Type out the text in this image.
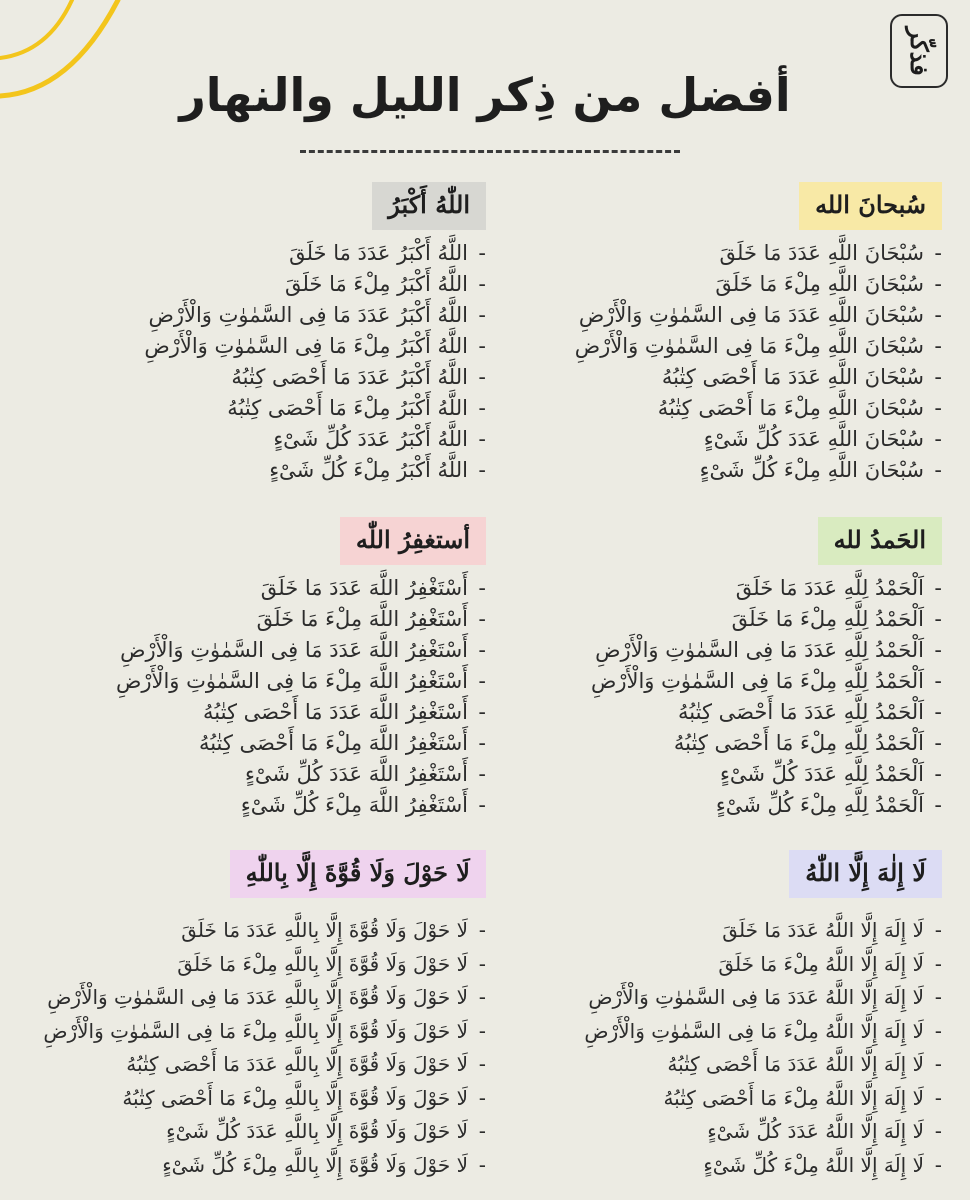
فذكّر
أفضل من ذِكر الليل والنهار
سُبحانَ الله
-
سُبْحَانَ اللَّهِ عَدَدَ مَا خَلَقَ
-
سُبْحَانَ اللَّهِ مِلْءَ مَا خَلَقَ
-
سُبْحَانَ اللَّهِ عَدَدَ مَا فِى السَّمٰوٰتِ وَالْأَرْضِ
-
سُبْحَانَ اللَّهِ مِلْءَ مَا فِى السَّمٰوٰتِ وَالْأَرْضِ
-
سُبْحَانَ اللَّهِ عَدَدَ مَا أَحْصَى كِتٰبُهُ
-
سُبْحَانَ اللَّهِ مِلْءَ مَا أَحْصَى كِتٰبُهُ
-
سُبْحَانَ اللَّهِ عَدَدَ كُلِّ شَىْءٍ
-
سُبْحَانَ اللَّهِ مِلْءَ كُلِّ شَىْءٍ
اللّٰهُ أَكْبَرُ
-
اللَّهُ أَكْبَرُ عَدَدَ مَا خَلَقَ
-
اللَّهُ أَكْبَرُ مِلْءَ مَا خَلَقَ
-
اللَّهُ أَكْبَرُ عَدَدَ مَا فِى السَّمٰوٰتِ وَالْأَرْضِ
-
اللَّهُ أَكْبَرُ مِلْءَ مَا فِى السَّمٰوٰتِ وَالْأَرْضِ
-
اللَّهُ أَكْبَرُ عَدَدَ مَا أَحْصَى كِتٰبُهُ
-
اللَّهُ أَكْبَرُ مِلْءَ مَا أَحْصَى كِتٰبُهُ
-
اللَّهُ أَكْبَرُ عَدَدَ كُلِّ شَىْءٍ
-
اللَّهُ أَكْبَرُ مِلْءَ كُلِّ شَىْءٍ
الحَمدُ لله
-
اَلْحَمْدُ لِلَّهِ عَدَدَ مَا خَلَقَ
-
اَلْحَمْدُ لِلَّهِ مِلْءَ مَا خَلَقَ
-
اَلْحَمْدُ لِلَّهِ عَدَدَ مَا فِى السَّمٰوٰتِ وَالْأَرْضِ
-
اَلْحَمْدُ لِلَّهِ مِلْءَ مَا فِى السَّمٰوٰتِ وَالْأَرْضِ
-
اَلْحَمْدُ لِلَّهِ عَدَدَ مَا أَحْصَى كِتٰبُهُ
-
اَلْحَمْدُ لِلَّهِ مِلْءَ مَا أَحْصَى كِتٰبُهُ
-
اَلْحَمْدُ لِلَّهِ عَدَدَ كُلِّ شَىْءٍ
-
اَلْحَمْدُ لِلَّهِ مِلْءَ كُلِّ شَىْءٍ
أستغفِرُ اللّٰه
-
أَسْتَغْفِرُ اللَّهَ عَدَدَ مَا خَلَقَ
-
أَسْتَغْفِرُ اللَّهَ مِلْءَ مَا خَلَقَ
-
أَسْتَغْفِرُ اللَّهَ عَدَدَ مَا فِى السَّمٰوٰتِ وَالْأَرْضِ
-
أَسْتَغْفِرُ اللَّهَ مِلْءَ مَا فِى السَّمٰوٰتِ وَالْأَرْضِ
-
أَسْتَغْفِرُ اللَّهَ عَدَدَ مَا أَحْصَى كِتٰبُهُ
-
أَسْتَغْفِرُ اللَّهَ مِلْءَ مَا أَحْصَى كِتٰبُهُ
-
أَسْتَغْفِرُ اللَّهَ عَدَدَ كُلِّ شَىْءٍ
-
أَسْتَغْفِرُ اللَّهَ مِلْءَ كُلِّ شَىْءٍ
لَا إِلٰهَ إِلَّا اللّٰهُ
-
لَا إِلَهَ إِلَّا اللَّهُ عَدَدَ مَا خَلَقَ
-
لَا إِلَهَ إِلَّا اللَّهُ مِلْءَ مَا خَلَقَ
-
لَا إِلَهَ إِلَّا اللَّهُ عَدَدَ مَا فِى السَّمٰوٰتِ وَالْأَرْضِ
-
لَا إِلَهَ إِلَّا اللَّهُ مِلْءَ مَا فِى السَّمٰوٰتِ وَالْأَرْضِ
-
لَا إِلَهَ إِلَّا اللَّهُ عَدَدَ مَا أَحْصَى كِتٰبُهُ
-
لَا إِلَهَ إِلَّا اللَّهُ مِلْءَ مَا أَحْصَى كِتٰبُهُ
-
لَا إِلَهَ إِلَّا اللَّهُ عَدَدَ كُلِّ شَىْءٍ
-
لَا إِلَهَ إِلَّا اللَّهُ مِلْءَ كُلِّ شَىْءٍ
لَا حَوْلَ وَلَا قُوَّةَ إِلَّا بِاللّٰهِ
-
لَا حَوْلَ وَلَا قُوَّةَ إِلَّا بِاللَّهِ عَدَدَ مَا خَلَقَ
-
لَا حَوْلَ وَلَا قُوَّةَ إِلَّا بِاللَّهِ مِلْءَ مَا خَلَقَ
-
لَا حَوْلَ وَلَا قُوَّةَ إِلَّا بِاللَّهِ عَدَدَ مَا فِى السَّمٰوٰتِ وَالْأَرْضِ
-
لَا حَوْلَ وَلَا قُوَّةَ إِلَّا بِاللَّهِ مِلْءَ مَا فِى السَّمٰوٰتِ وَالْأَرْضِ
-
لَا حَوْلَ وَلَا قُوَّةَ إِلَّا بِاللَّهِ عَدَدَ مَا أَحْصَى كِتٰبُهُ
-
لَا حَوْلَ وَلَا قُوَّةَ إِلَّا بِاللَّهِ مِلْءَ مَا أَحْصَى كِتٰبُهُ
-
لَا حَوْلَ وَلَا قُوَّةَ إِلَّا بِاللَّهِ عَدَدَ كُلِّ شَىْءٍ
-
لَا حَوْلَ وَلَا قُوَّةَ إِلَّا بِاللَّهِ مِلْءَ كُلِّ شَىْءٍ
